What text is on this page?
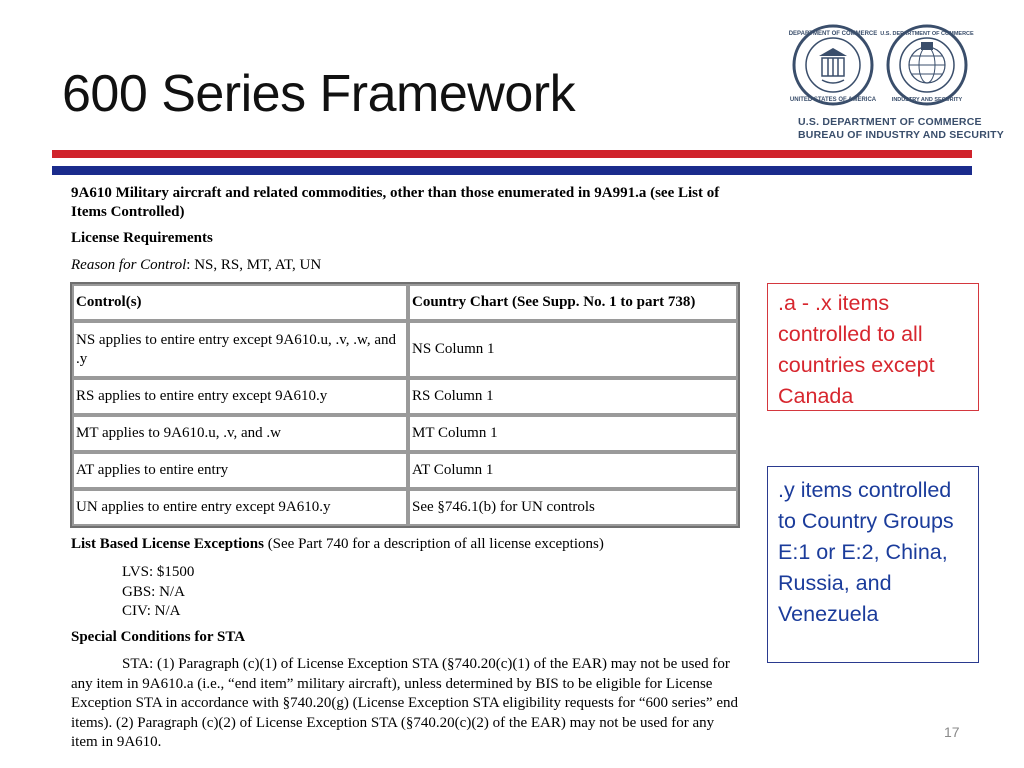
600 Series Framework
DEPARTMENT OF COMMERCE
UNITED STATES OF AMERICA
U.S. DEPARTMENT OF COMMERCE
INDUSTRY AND SECURITY
U.S. DEPARTMENT OF COMMERCE
BUREAU OF INDUSTRY AND SECURITY
9A610 Military aircraft and related commodities, other than those enumerated in 9A991.a (see List of Items Controlled)
License Requirements
Reason for Control: NS, RS, MT, AT, UN
Control(s)	Country Chart (See Supp. No. 1 to part 738)
NS applies to entire entry except 9A610.u, .v, .w, and .y	NS Column 1
RS applies to entire entry except 9A610.y	RS Column 1
MT applies to 9A610.u, .v, and .w	MT Column 1
AT applies to entire entry	AT Column 1
UN applies to entire entry except 9A610.y	See §746.1(b) for UN controls
List Based License Exceptions (See Part 740 for a description of all license exceptions)
LVS: $1500
GBS: N/A
CIV: N/A
Special Conditions for STA
STA: (1) Paragraph (c)(1) of License Exception STA (§740.20(c)(1) of the EAR) may not be used for any item in 9A610.a (i.e., “end item” military aircraft), unless determined by BIS to be eligible for License Exception STA in accordance with §740.20(g) (License Exception STA eligibility requests for “600 series” end items). (2) Paragraph (c)(2) of License Exception STA (§740.20(c)(2) of the EAR) may not be used for any item in 9A610.
.a - .x items controlled to all countries except Canada
.y items controlled to Country Groups E:1 or E:2, China, Russia, and Venezuela
17
